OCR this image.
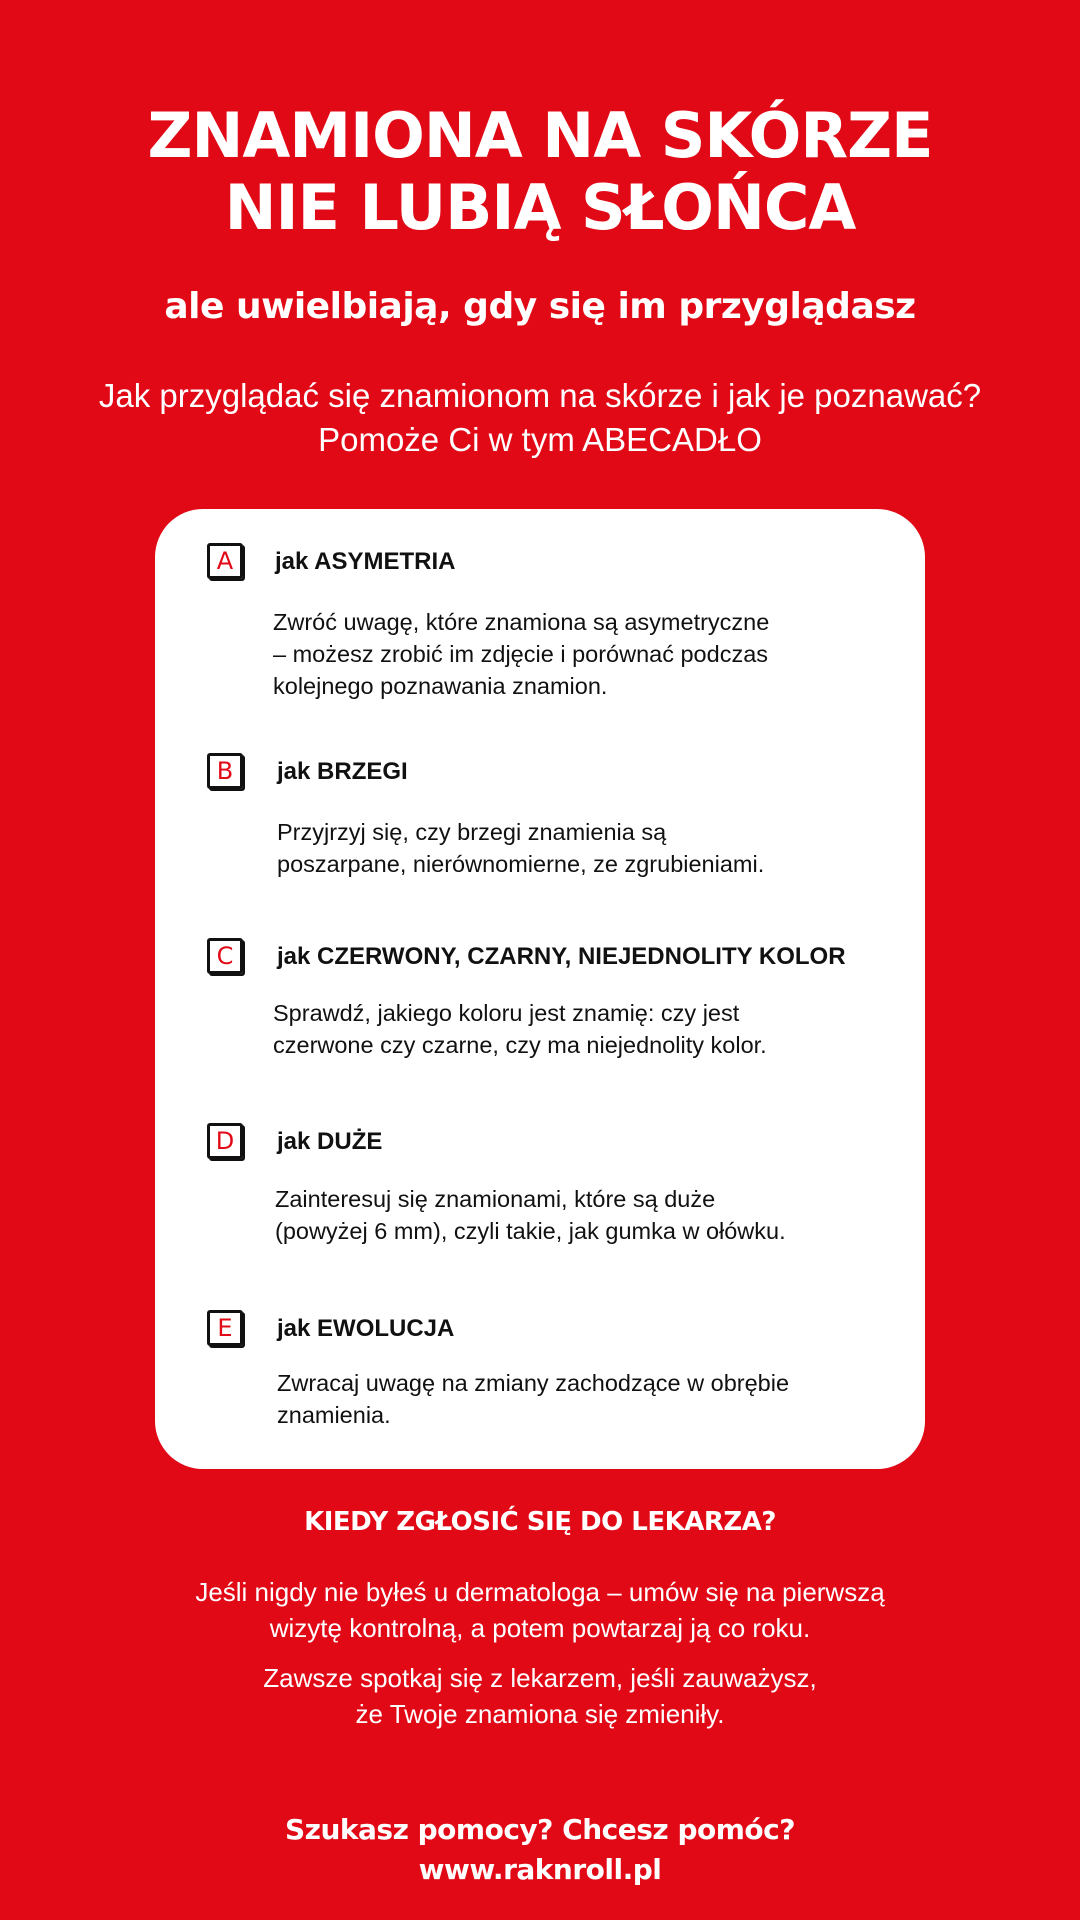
ZNAMIONA NA SKÓRZE
NIE LUBIĄ SŁOŃCA
ale uwielbiają, gdy się im przyglądasz
Jak przyglądać się znamionom na skórze i jak je poznawać?
Pomoże Ci w tym ABECADŁO
A	jak ASYMETRIA
Zwróć uwagę, które znamiona są asymetryczne
– możesz zrobić im zdjęcie i porównać podczas
kolejnego poznawania znamion.
B	jak BRZEGI
Przyjrzyj się, czy brzegi znamienia są
poszarpane, nierównomierne, ze zgrubieniami.
C	jak CZERWONY, CZARNY, NIEJEDNOLITY KOLOR
Sprawdź, jakiego koloru jest znamię: czy jest
czerwone czy czarne, czy ma niejednolity kolor.
D	jak DUŻE
Zainteresuj się znamionami, które są duże
(powyżej 6 mm), czyli takie, jak gumka w ołówku.
E	jak EWOLUCJA
Zwracaj uwagę na zmiany zachodzące w obrębie
znamienia.
KIEDY ZGŁOSIĆ SIĘ DO LEKARZA?
Jeśli nigdy nie byłeś u dermatologa – umów się na pierwszą
wizytę kontrolną, a potem powtarzaj ją co roku.
Zawsze spotkaj się z lekarzem, jeśli zauważysz,
że Twoje znamiona się zmieniły.
Szukasz pomocy? Chcesz pomóc?
www.raknroll.pl
